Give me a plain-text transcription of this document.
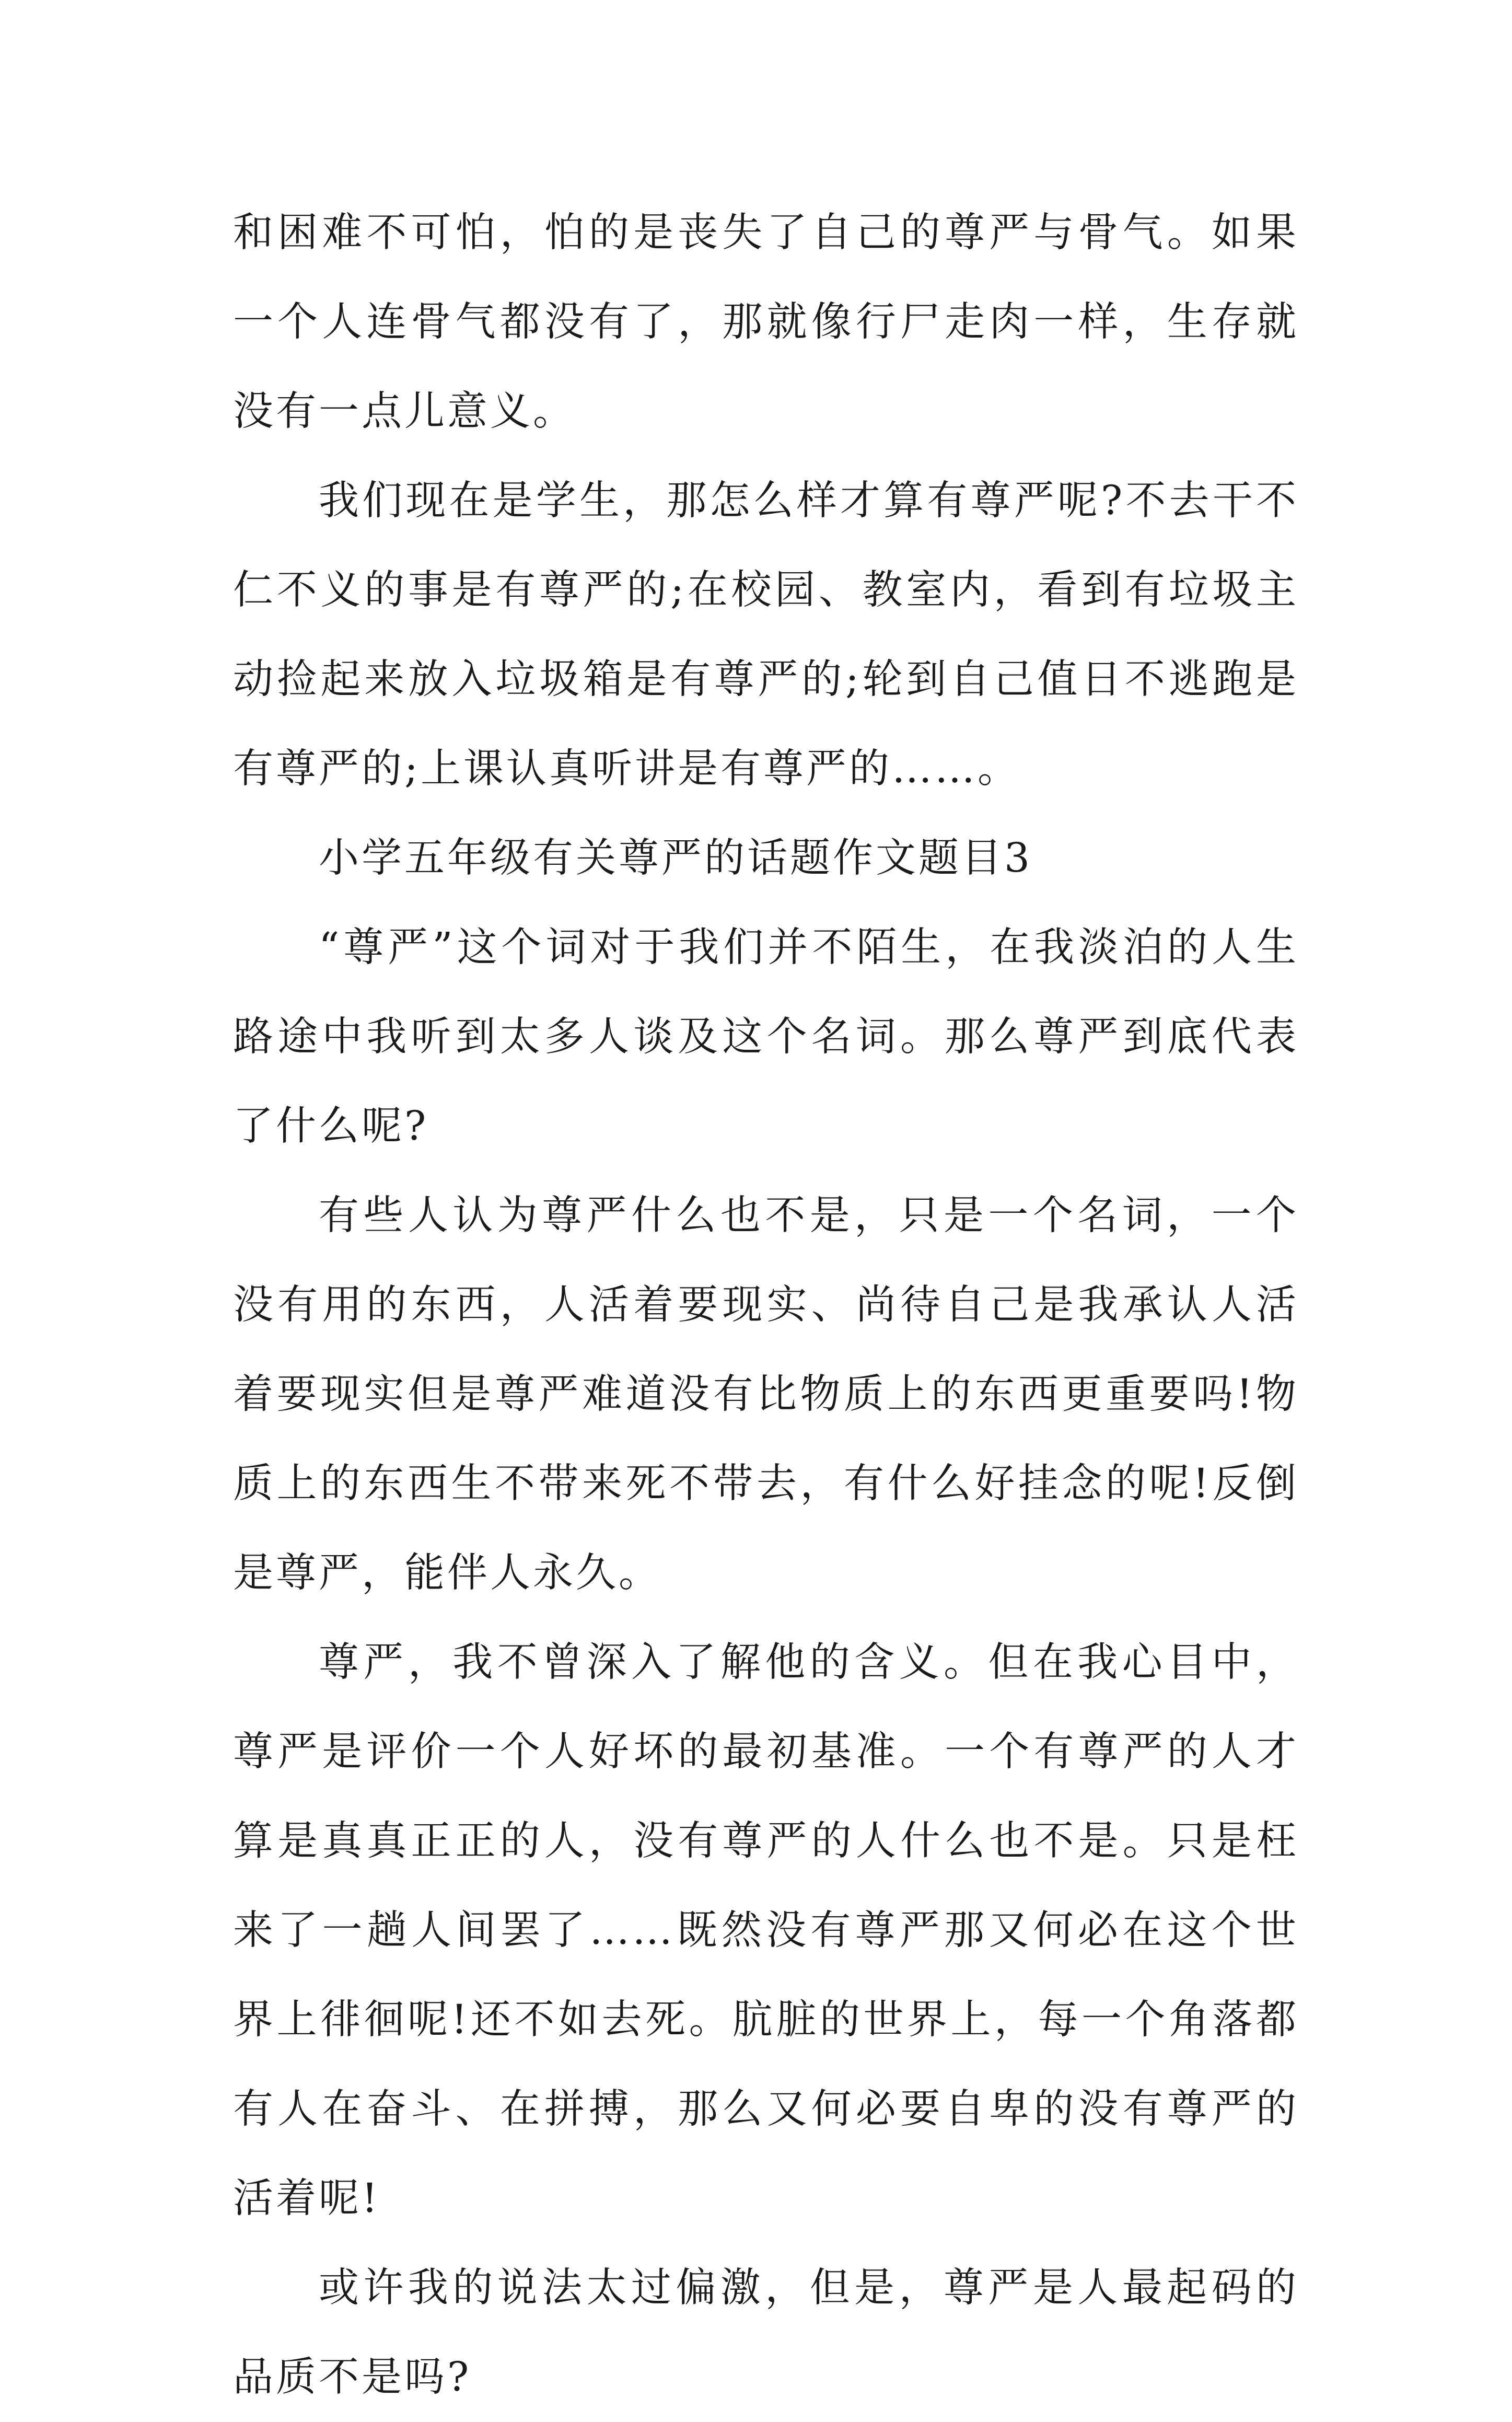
和困难不可怕，怕的是丧失了自己的尊严与骨气。如果一个人连骨气都没有了，那就像行尸走肉一样，生存就没有一点儿意义。

我们现在是学生，那怎么样才算有尊严呢?不去干不仁不义的事是有尊严的;在校园、教室内，看到有垃圾主动捡起来放入垃圾箱是有尊严的;轮到自己值日不逃跑是有尊严的;上课认真听讲是有尊严的……。

小学五年级有关尊严的话题作文题目3

“尊严”这个词对于我们并不陌生，在我淡泊的人生路途中我听到太多人谈及这个名词。那么尊严到底代表了什么呢?

有些人认为尊严什么也不是，只是一个名词，一个没有用的东西，人活着要现实、尚待自己是我承认人活着要现实但是尊严难道没有比物质上的东西更重要吗!物质上的东西生不带来死不带去，有什么好挂念的呢!反倒是尊严，能伴人永久。

尊严，我不曾深入了解他的含义。但在我心目中，尊严是评价一个人好坏的最初基准。一个有尊严的人才算是真真正正的人，没有尊严的人什么也不是。只是枉来了一趟人间罢了……既然没有尊严那又何必在这个世界上徘徊呢!还不如去死。肮脏的世界上，每一个角落都有人在奋斗、在拼搏，那么又何必要自卑的没有尊严的活着呢!

或许我的说法太过偏激，但是，尊严是人最起码的品质不是吗?
